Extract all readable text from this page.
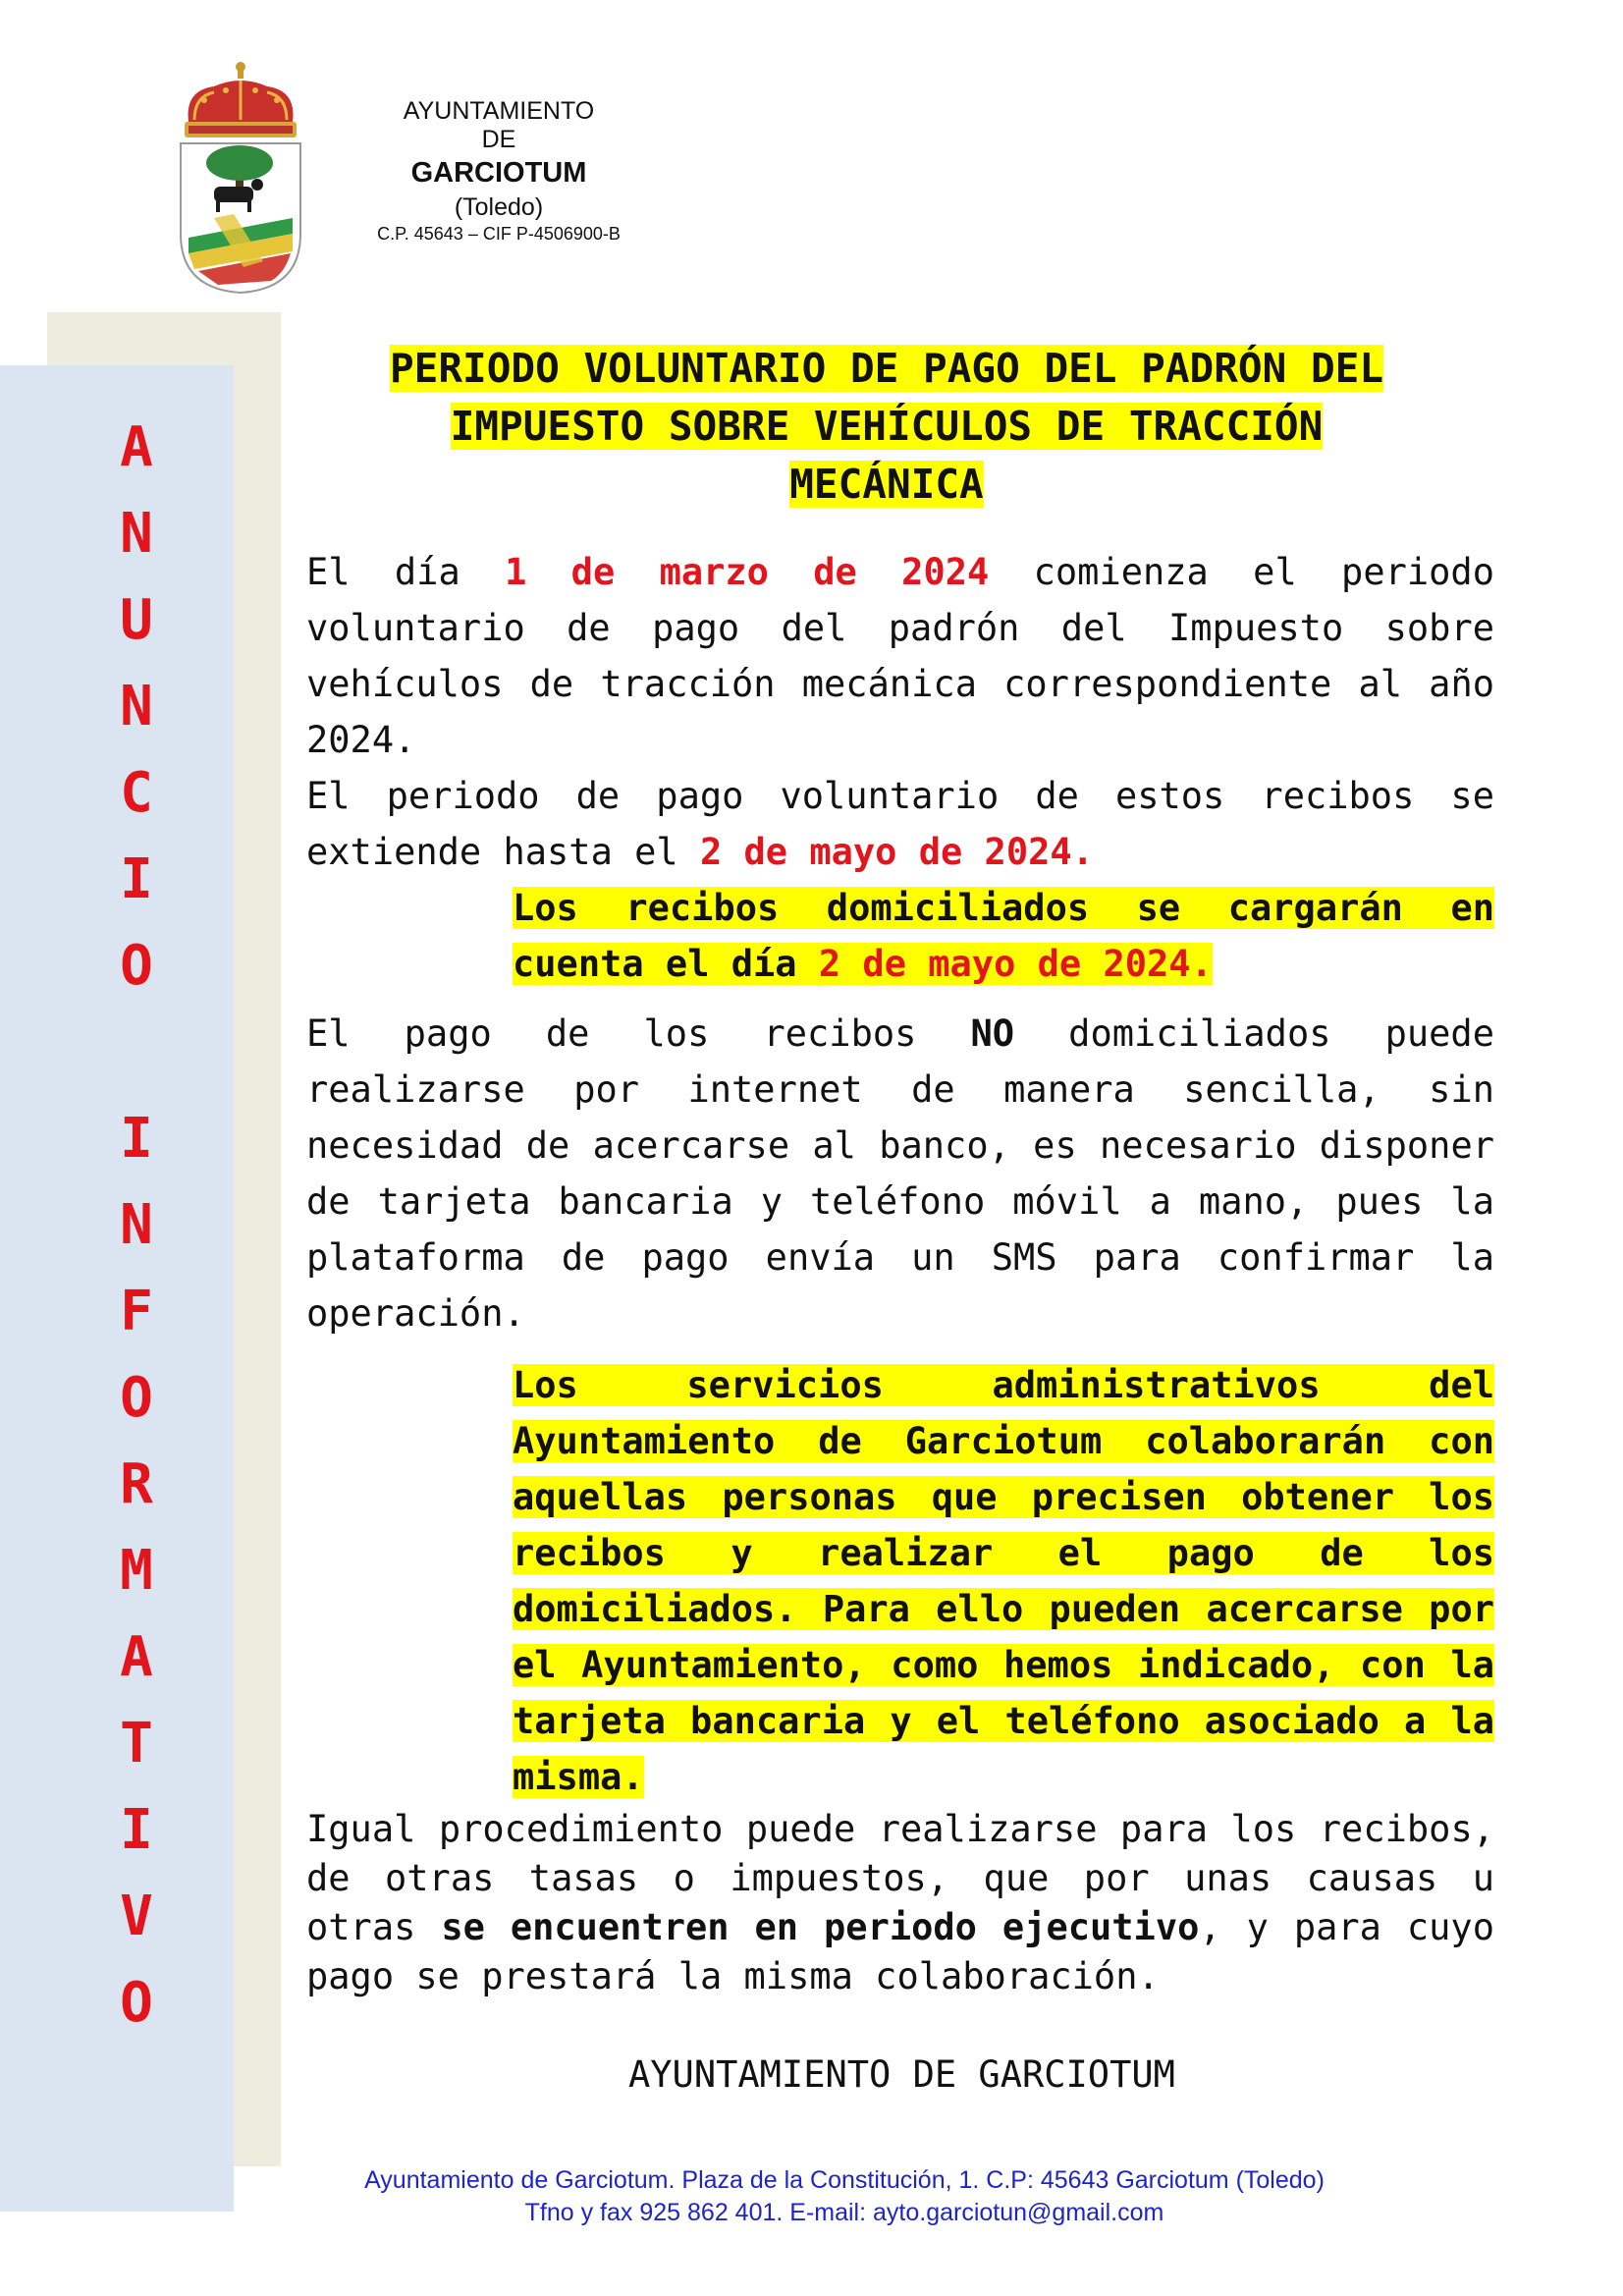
AYUNTAMIENTO
DE
GARCIOTUM
(Toledo)
C.P. 45643 – CIF P-4506900-B
A
N
U
N
C
I
O
I
N
F
O
R
M
A
T
I
V
O
PERIODO VOLUNTARIO DE PAGO DEL PADRÓN DEL
IMPUESTO SOBRE VEHÍCULOS DE TRACCIÓN
MECÁNICA
El día 1 de marzo de 2024 comienza el periodo voluntario de pago del padrón del Impuesto sobre vehículos de tracción mecánica correspondiente al año 2024.
El periodo de pago voluntario de estos recibos se extiende hasta el 2 de mayo de 2024.
Los recibos domiciliados se cargarán en cuenta el día 2 de mayo de 2024.
El pago de los recibos NO domiciliados puede realizarse por internet de manera sencilla, sin necesidad de acercarse al banco, es necesario disponer de tarjeta bancaria y teléfono móvil a mano, pues la plataforma de pago envía un SMS para confirmar la operación.
Los servicios administrativos del Ayuntamiento de Garciotum colaborarán con aquellas personas que precisen obtener los recibos y realizar el pago de los domiciliados. Para ello pueden acercarse por el Ayuntamiento, como hemos indicado, con la tarjeta bancaria y el teléfono asociado a la misma.
Igual procedimiento puede realizarse para los recibos, de otras tasas o impuestos, que por unas causas u otras se encuentren en periodo ejecutivo, y para cuyo pago se prestará la misma colaboración.
AYUNTAMIENTO DE GARCIOTUM
Ayuntamiento de Garciotum. Plaza de la Constitución, 1. C.P: 45643 Garciotum (Toledo)
Tfno y fax 925 862 401. E-mail: ayto.garciotun@gmail.com
